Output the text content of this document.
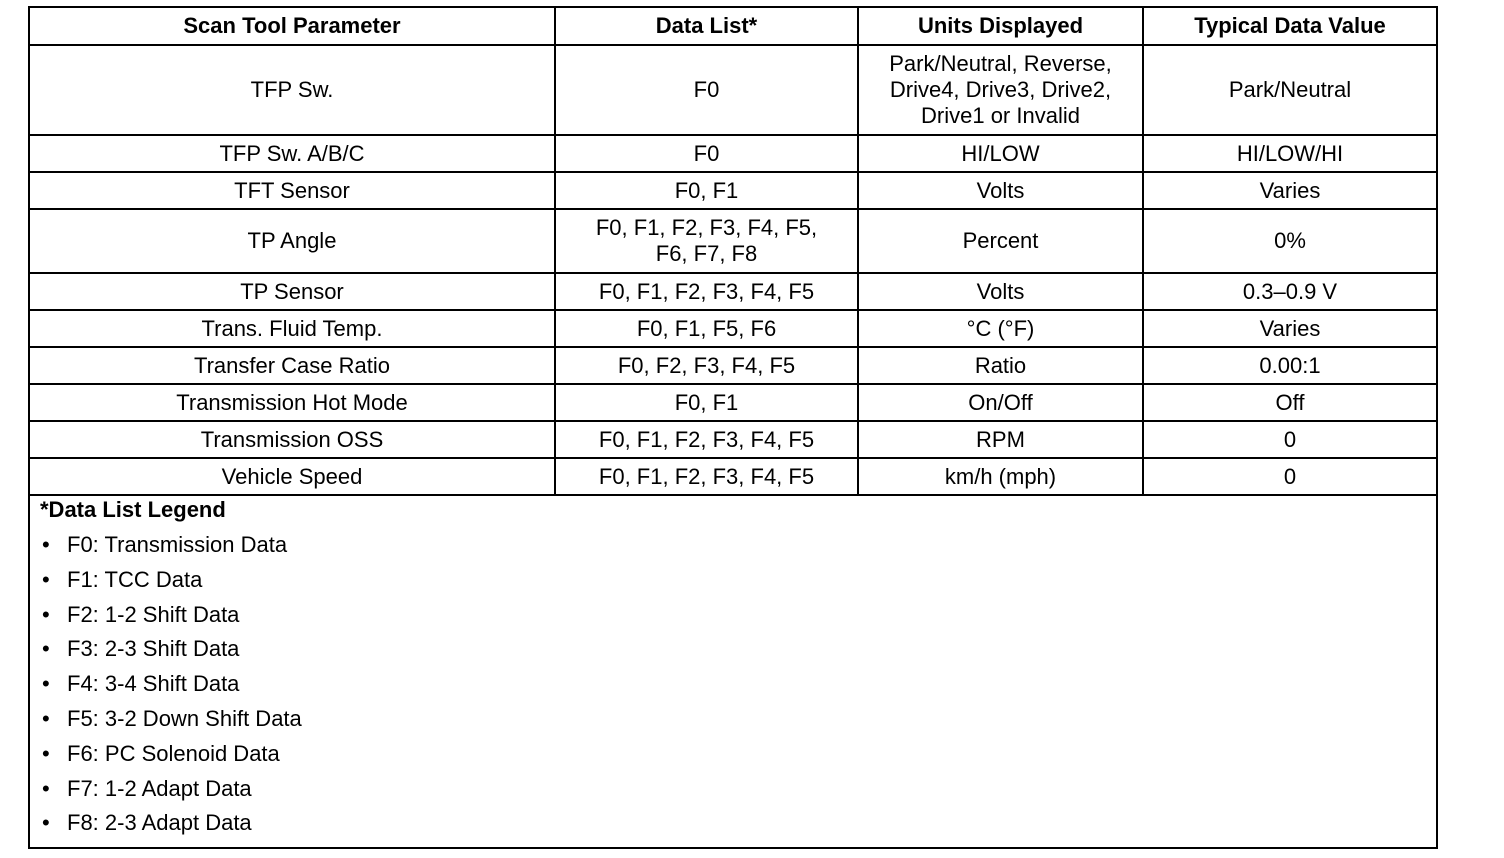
Scan Tool Parameter	Data List*	Units Displayed	Typical Data Value
TFP Sw.	F0	Park/Neutral, Reverse,
Drive4, Drive3, Drive2,
Drive1 or Invalid	Park/Neutral
TFP Sw. A/B/C	F0	HI/LOW	HI/LOW/HI
TFT Sensor	F0, F1	Volts	Varies
TP Angle	F0, F1, F2, F3, F4, F5,
F6, F7, F8	Percent	0%
TP Sensor	F0, F1, F2, F3, F4, F5	Volts	0.3–0.9 V
Trans. Fluid Temp.	F0, F1, F5, F6	°C (°F)	Varies
Transfer Case Ratio	F0, F2, F3, F4, F5	Ratio	0.00:1
Transmission Hot Mode	F0, F1	On/Off	Off
Transmission OSS	F0, F1, F2, F3, F4, F5	RPM	0
Vehicle Speed	F0, F1, F2, F3, F4, F5	km/h (mph)	0
*Data List Legend
• F0: Transmission Data
• F1: TCC Data
• F2: 1-2 Shift Data
• F3: 2-3 Shift Data
• F4: 3-4 Shift Data
• F5: 3-2 Down Shift Data
• F6: PC Solenoid Data
• F7: 1-2 Adapt Data
• F8: 2-3 Adapt Data
